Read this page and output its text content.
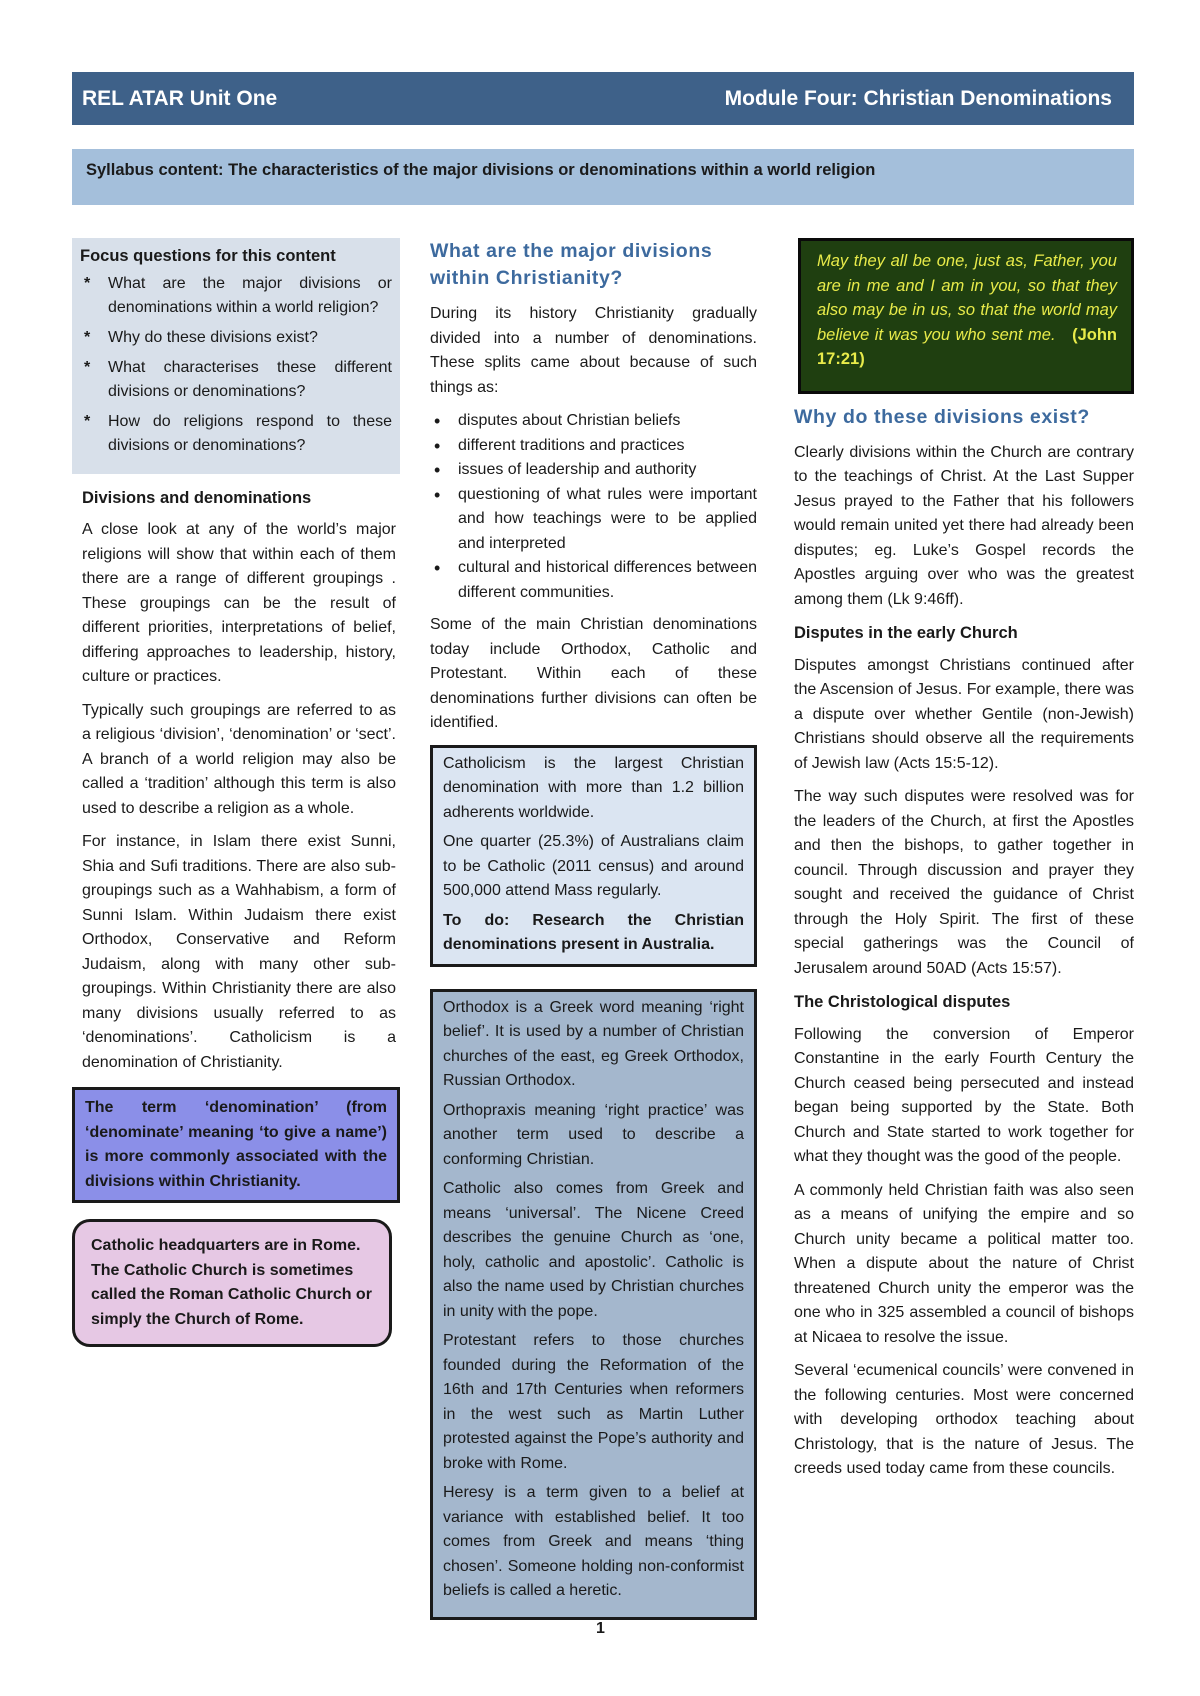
REL ATAR Unit One	Module Four: Christian Denominations
Syllabus content: The characteristics of the major divisions or denominations within a world religion
Focus questions for this content
* What are the major divisions or denominations within a world religion?
* Why do these divisions exist?
* What characterises these different divisions or denominations?
* How do religions respond to these divisions or denominations?
Divisions and denominations

A close look at any of the world’s major religions will show that within each of them there are a range of different groupings . These groupings can be the result of different priorities, interpretations of belief, differing approaches to leadership, history, culture or practices.

Typically such groupings are referred to as a religious ‘division’, ‘denomination’ or ‘sect’. A branch of a world religion may also be called a ‘tradition’ although this term is also used to describe a religion as a whole.

For instance, in Islam there exist Sunni, Shia and Sufi traditions. There are also sub-groupings such as a Wahhabism, a form of Sunni Islam. Within Judaism there exist Orthodox, Conservative and Reform Judaism, along with many other sub-groupings. Within Christianity there are also many divisions usually referred to as ‘denominations’. Catholicism is a denomination of Christianity.

The term ‘denomination’ (from ‘denominate’ meaning ‘to give a name’) is more commonly associated with the divisions within Christianity.

Catholic headquarters are in Rome. The Catholic Church is sometimes called the Roman Catholic Church or simply the Church of Rome.

What are the major divisions within Christianity?

During its history Christianity gradually divided into a number of denominations. These splits came about because of such things as:

• disputes about Christian beliefs
• different traditions and practices
• issues of leadership and authority
• questioning of what rules were important and how teachings were to be applied and interpreted
• cultural and historical differences between different communities.

Some of the main Christian denominations today include Orthodox, Catholic and Protestant. Within each of these denominations further divisions can often be identified.

Catholicism is the largest Christian denomination with more than 1.2 billion adherents worldwide.

One quarter (25.3%) of Australians claim to be Catholic (2011 census) and around 500,000 attend Mass regularly.

To do: Research the Christian denominations present in Australia.

Orthodox is a Greek word meaning ‘right belief’. It is used by a number of Christian churches of the east, eg Greek Orthodox, Russian Orthodox.

Orthopraxis meaning ‘right practice’ was another term used to describe a conforming Christian.

Catholic also comes from Greek and means ‘universal’. The Nicene Creed describes the genuine Church as ‘one, holy, catholic and apostolic’. Catholic is also the name used by Christian churches in unity with the pope.

Protestant refers to those churches founded during the Reformation of the 16th and 17th Centuries when reformers in the west such as Martin Luther protested against the Pope’s authority and broke with Rome.

Heresy is a term given to a belief at variance with established belief. It too comes from Greek and means ‘thing chosen’. Someone holding non-conformist beliefs is called a heretic.

May they all be one, just as, Father, you are in me and I am in you, so that they also may be in us, so that the world may believe it was you who sent me. (John 17:21)

Why do these divisions exist?

Clearly divisions within the Church are contrary to the teachings of Christ. At the Last Supper Jesus prayed to the Father that his followers would remain united yet there had already been disputes; eg. Luke’s Gospel records the Apostles arguing over who was the greatest among them (Lk 9:46ff).

Disputes in the early Church

Disputes amongst Christians continued after the Ascension of Jesus. For example, there was a dispute over whether Gentile (non-Jewish) Christians should observe all the requirements of Jewish law (Acts 15:5-12).

The way such disputes were resolved was for the leaders of the Church, at first the Apostles and then the bishops, to gather together in council. Through discussion and prayer they sought and received the guidance of Christ through the Holy Spirit. The first of these special gatherings was the Council of Jerusalem around 50AD (Acts 15:57).

The Christological disputes

Following the conversion of Emperor Constantine in the early Fourth Century the Church ceased being persecuted and instead began being supported by the State. Both Church and State started to work together for what they thought was the good of the people.

A commonly held Christian faith was also seen as a means of unifying the empire and so Church unity became a political matter too. When a dispute about the nature of Christ threatened Church unity the emperor was the one who in 325 assembled a council of bishops at Nicaea to resolve the issue.

Several ‘ecumenical councils’ were convened in the following centuries. Most were concerned with developing orthodox teaching about Christology, that is the nature of Jesus. The creeds used today came from these councils.

1
